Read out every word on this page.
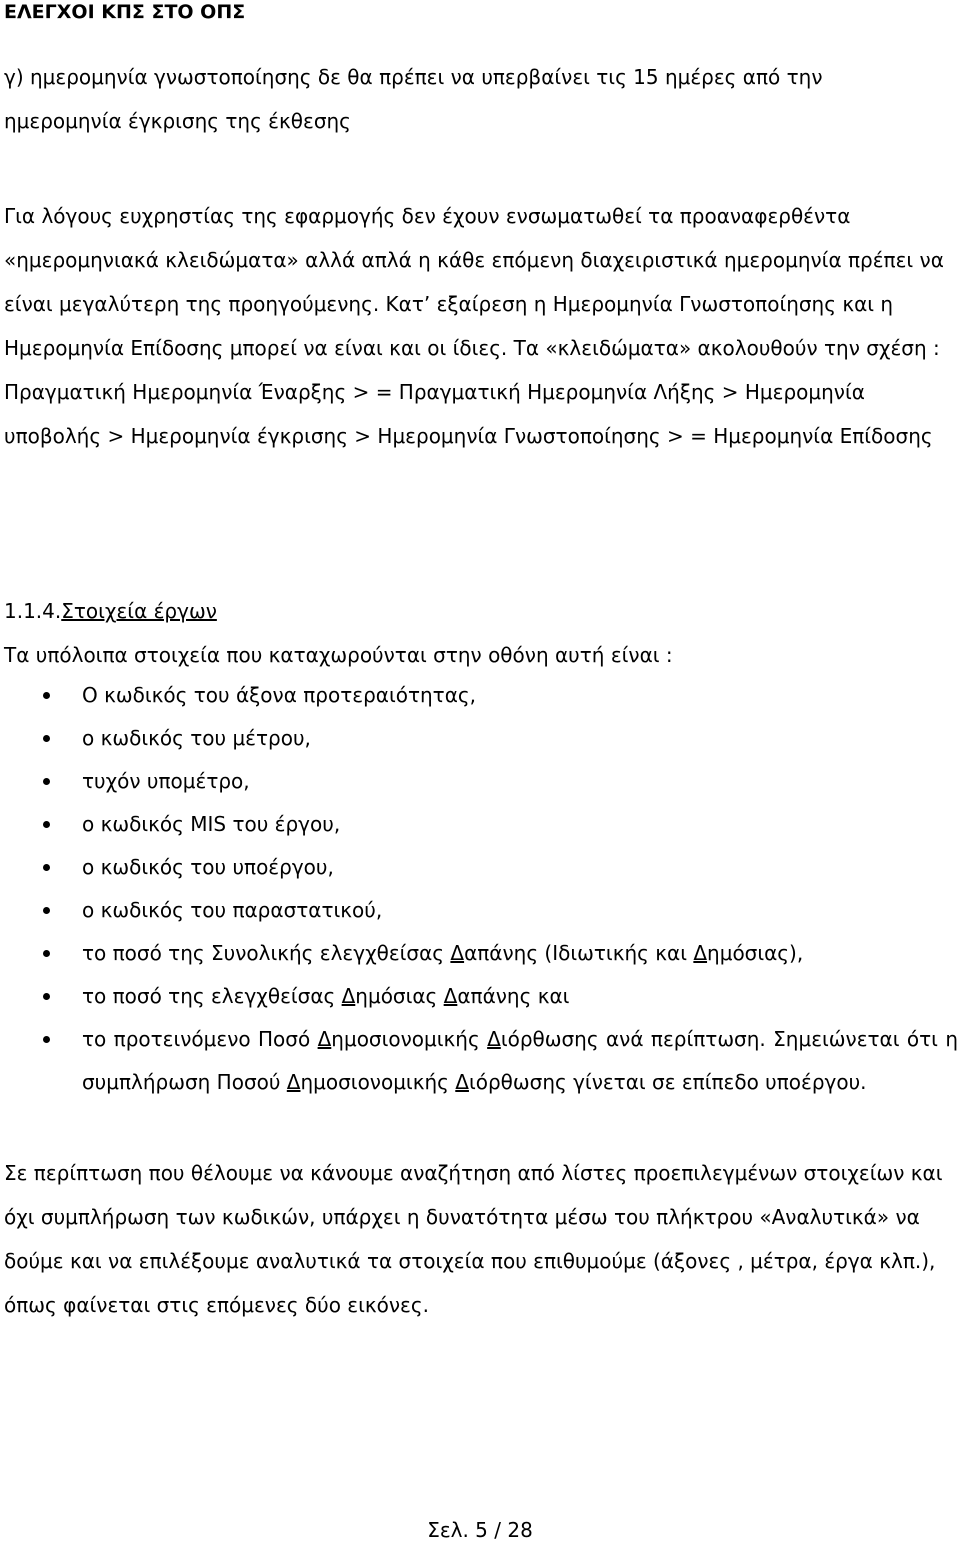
ΕΛΕΓΧΟΙ ΚΠΣ ΣΤΟ ΟΠΣ

γ) ημερομηνία γνωστοποίησης δε θα πρέπει να υπερβαίνει τις 15 ημέρες από την ημερομηνία έγκρισης της έκθεσης

Για λόγους ευχρηστίας της εφαρμογής δεν έχουν ενσωματωθεί τα προαναφερθέντα «ημερομηνιακά κλειδώματα» αλλά απλά η κάθε επόμενη διαχειριστικά ημερομηνία πρέπει να είναι μεγαλύτερη της προηγούμενης. Κατ’ εξαίρεση η Ημερομηνία Γνωστοποίησης και η Ημερομηνία Επίδοσης μπορεί να είναι και οι ίδιες. Τα «κλειδώματα» ακολουθούν την σχέση : Πραγματική Ημερομηνία Έναρξης > = Πραγματική Ημερομηνία Λήξης > Ημερομηνία υποβολής > Ημερομηνία έγκρισης > Ημερομηνία Γνωστοποίησης > = Ημερομηνία Επίδοσης

1.1.4.Στοιχεία έργων

Τα υπόλοιπα στοιχεία που καταχωρούνται στην οθόνη αυτή είναι :

Ο κωδικός του άξονα προτεραιότητας,
ο κωδικός του μέτρου,
τυχόν υπομέτρο,
ο κωδικός MIS του έργου,
ο κωδικός του υποέργου,
ο κωδικός του παραστατικού,
το ποσό της Συνολικής ελεγχθείσας Δαπάνης (Ιδιωτικής και Δημόσιας),
το ποσό της ελεγχθείσας Δημόσιας Δαπάνης και
το προτεινόμενο Ποσό Δημοσιονομικής Διόρθωσης ανά περίπτωση. Σημειώνεται ότι η συμπλήρωση Ποσού Δημοσιονομικής Διόρθωσης γίνεται σε επίπεδο υποέργου.

Σε περίπτωση που θέλουμε να κάνουμε αναζήτηση από λίστες προεπιλεγμένων στοιχείων και όχι συμπλήρωση των κωδικών, υπάρχει η δυνατότητα μέσω του πλήκτρου «Αναλυτικά» να δούμε και να επιλέξουμε αναλυτικά τα στοιχεία που επιθυμούμε (άξονες , μέτρα, έργα κλπ.), όπως φαίνεται στις επόμενες δύο εικόνες.

Σελ. 5 / 28
